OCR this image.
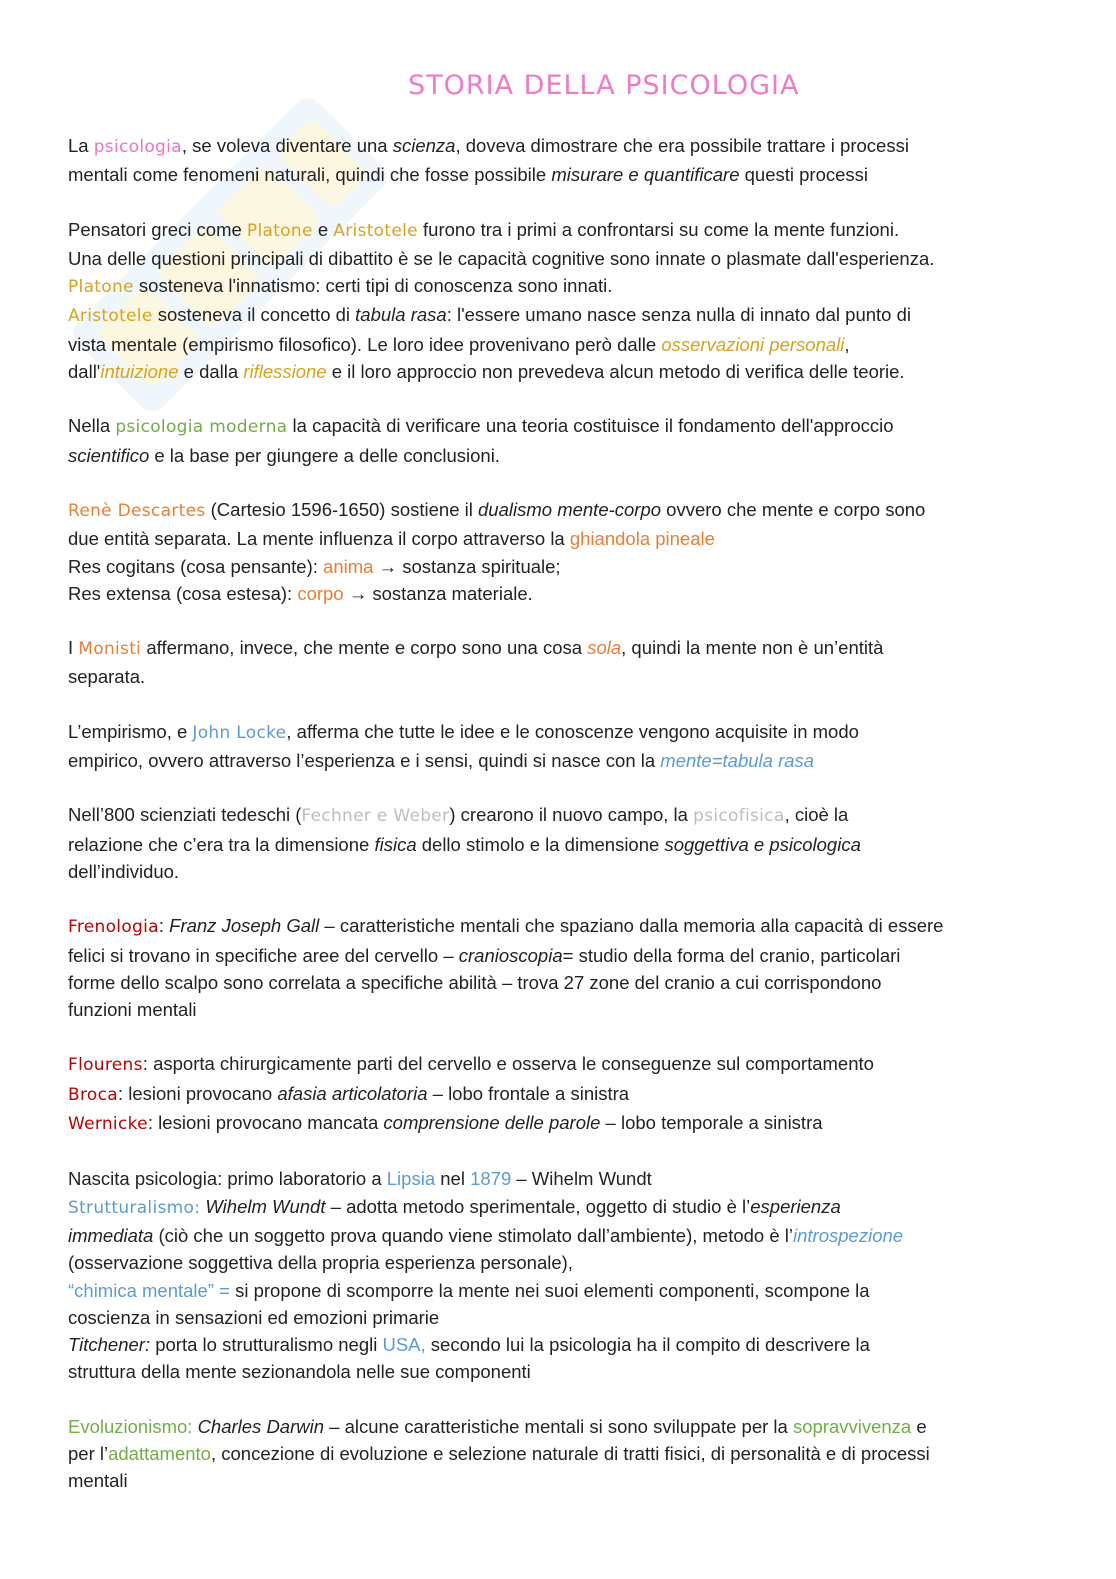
STORIA DELLA PSICOLOGIA

La psicologia, se voleva diventare una scienza, doveva dimostrare che era possibile trattare i processi
mentali come fenomeni naturali, quindi che fosse possibile misurare e quantificare questi processi

Pensatori greci come Platone e Aristotele furono tra i primi a confrontarsi su come la mente funzioni.
Una delle questioni principali di dibattito è se le capacità cognitive sono innate o plasmate dall'esperienza.
Platone sosteneva l'innatismo: certi tipi di conoscenza sono innati.
Aristotele sosteneva il concetto di tabula rasa: l'essere umano nasce senza nulla di innato dal punto di
vista mentale (empirismo filosofico). Le loro idee provenivano però dalle osservazioni personali,
dall'intuizione e dalla riflessione e il loro approccio non prevedeva alcun metodo di verifica delle teorie.

Nella psicologia moderna la capacità di verificare una teoria costituisce il fondamento dell'approccio
scientifico e la base per giungere a delle conclusioni.

Renè Descartes (Cartesio 1596-1650) sostiene il dualismo mente-corpo ovvero che mente e corpo sono
due entità separata. La mente influenza il corpo attraverso la ghiandola pineale
Res cogitans (cosa pensante): anima → sostanza spirituale;
Res extensa (cosa estesa): corpo → sostanza materiale.

I Monisti affermano, invece, che mente e corpo sono una cosa sola, quindi la mente non è un’entità
separata.

L’empirismo, e John Locke, afferma che tutte le idee e le conoscenze vengono acquisite in modo
empirico, ovvero attraverso l’esperienza e i sensi, quindi si nasce con la mente=tabula rasa

Nell’800 scienziati tedeschi (Fechner e Weber) crearono il nuovo campo, la psicofisica, cioè la
relazione che c’era tra la dimensione fisica dello stimolo e la dimensione soggettiva e psicologica
dell’individuo.

Frenologia: Franz Joseph Gall – caratteristiche mentali che spaziano dalla memoria alla capacità di essere
felici si trovano in specifiche aree del cervello – cranioscopia= studio della forma del cranio, particolari
forme dello scalpo sono correlata a specifiche abilità – trova 27 zone del cranio a cui corrispondono
funzioni mentali

Flourens: asporta chirurgicamente parti del cervello e osserva le conseguenze sul comportamento
Broca: lesioni provocano afasia articolatoria – lobo frontale a sinistra
Wernicke: lesioni provocano mancata comprensione delle parole – lobo temporale a sinistra

Nascita psicologia: primo laboratorio a Lipsia nel 1879 – Wihelm Wundt
Strutturalismo: Wihelm Wundt – adotta metodo sperimentale, oggetto di studio è l’esperienza
immediata (ciò che un soggetto prova quando viene stimolato dall’ambiente), metodo è l’introspezione
(osservazione soggettiva della propria esperienza personale),
“chimica mentale” = si propone di scomporre la mente nei suoi elementi componenti, scompone la
coscienza in sensazioni ed emozioni primarie
Titchener: porta lo strutturalismo negli USA, secondo lui la psicologia ha il compito di descrivere la
struttura della mente sezionandola nelle sue componenti

Evoluzionismo: Charles Darwin – alcune caratteristiche mentali si sono sviluppate per la sopravvivenza e
per l’adattamento, concezione di evoluzione e selezione naturale di tratti fisici, di personalità e di processi
mentali
